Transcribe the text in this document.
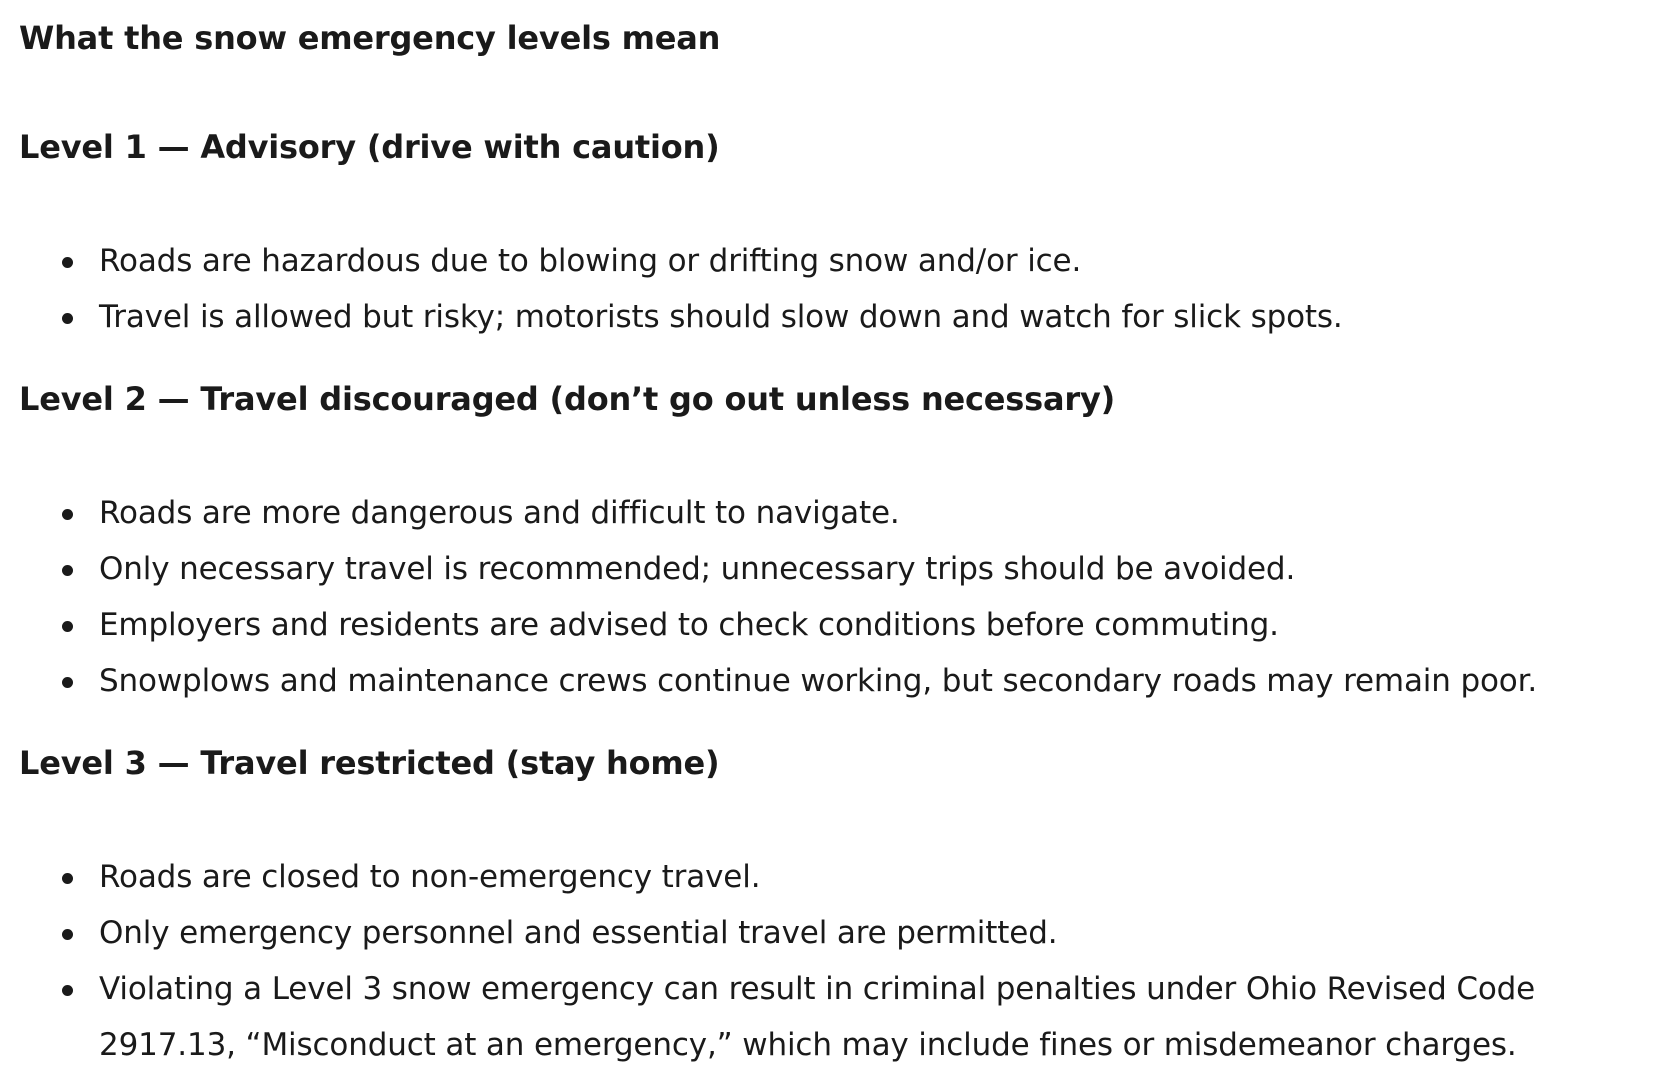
What the snow emergency levels mean
Level 1 — Advisory (drive with caution)
Roads are hazardous due to blowing or drifting snow and/or ice.
Travel is allowed but risky; motorists should slow down and watch for slick spots.
Level 2 — Travel discouraged (don’t go out unless necessary)
Roads are more dangerous and difficult to navigate.
Only necessary travel is recommended; unnecessary trips should be avoided.
Employers and residents are advised to check conditions before commuting.
Snowplows and maintenance crews continue working, but secondary roads may remain poor.
Level 3 — Travel restricted (stay home)
Roads are closed to non-emergency travel.
Only emergency personnel and essential travel are permitted.
Violating a Level 3 snow emergency can result in criminal penalties under Ohio Revised Code 2917.13, “Misconduct at an emergency,” which may include fines or misdemeanor charges.
